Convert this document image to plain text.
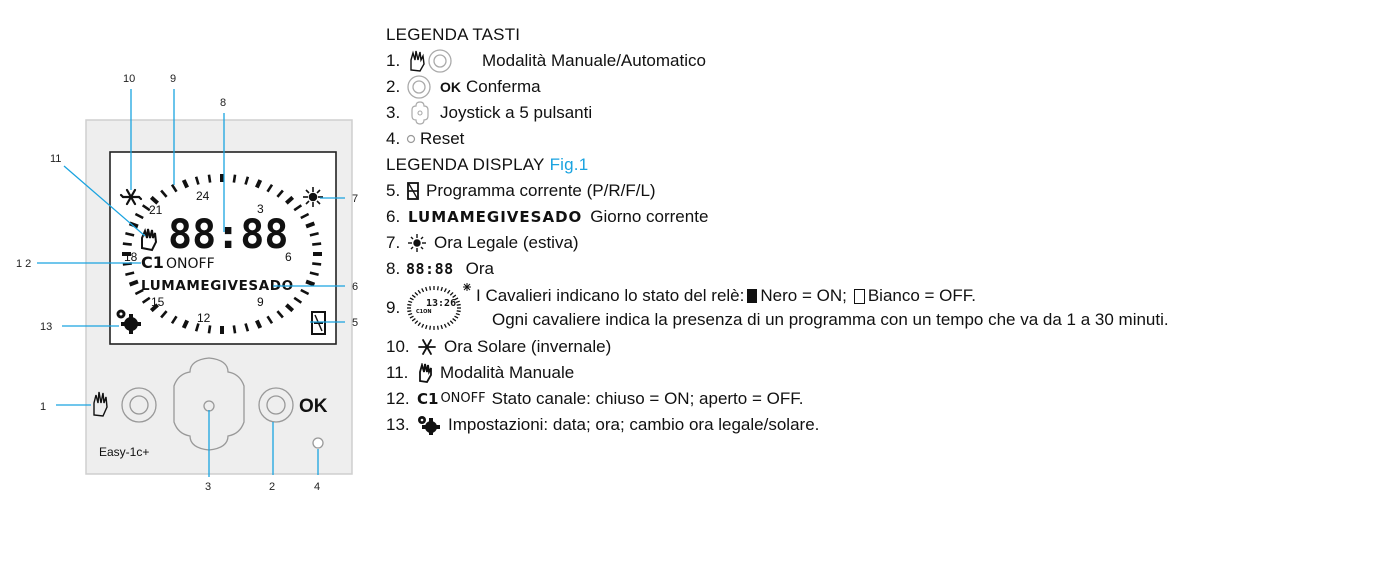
24
3
6
9
12
15
18
21
88:88
C1 ONOFF
LUMAMEGIVESADO
OK
Easy-1c+
1
2
3	4
5
6
7
8
9
10
11
1 2
13
LEGENDA TASTI
1.	Modalità Manuale/Automatico
2.	OK Conferma
3. Joystick a 5 pulsanti
4. Reset
LEGENDA DISPLAY Fig.1
5. Programma corrente (P/R/F/L)
6. LUMAMEGIVESADO Giorno corrente
7. Ora Legale (estiva)
8. 88:88 Ora
9.	13:26
C1ON
I Cavalieri indicano lo stato del relè: Nero = ON; Bianco = OFF.
Ogni cavaliere indica la presenza di un programma con un tempo che va da 1 a 30 minuti.
10. Ora Solare (invernale)
11.	Modalità Manuale
12. C1 ONOFF Stato canale: chiuso = ON; aperto = OFF.
13. Impostazioni: data; ora; cambio ora legale/solare.
